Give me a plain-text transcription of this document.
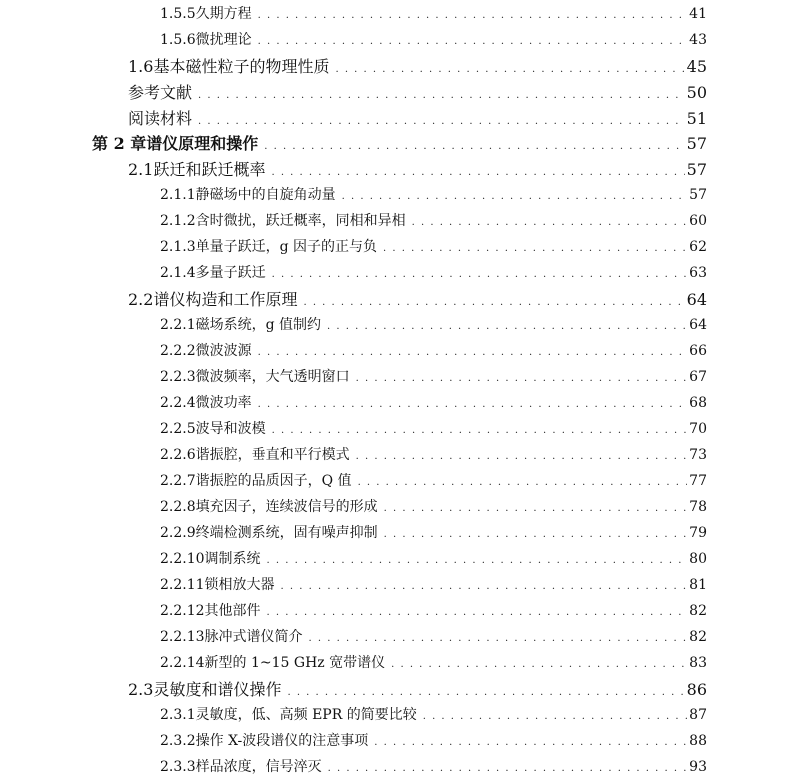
1.5.5 久期方程 . . .	41
1.5.6 微扰理论 . . .	43
1.6 基本磁性粒子的物理性质 . . .	45
参考文献 . . .	50
阅读材料 . . .	51
第 2 章 谱仪原理和操作 . . .	57
2.1 跃迁和跃迁概率 . . .	57
2.1.1 静磁场中的自旋角动量 . . .	57
2.1.2 含时微扰，跃迁概率，同相和异相 . . .	60
2.1.3 单量子跃迁，g 因子的正与负 . . .	62
2.1.4 多量子跃迁 . . .	63
2.2 谱仪构造和工作原理 . . .	64
2.2.1 磁场系统，g 值制约 . . .	64
2.2.2 微波波源 . . .	66
2.2.3 微波频率，大气透明窗口 . . .	67
2.2.4 微波功率 . . .	68
2.2.5 波导和波模 . . .	70
2.2.6 谐振腔，垂直和平行模式 . . .	73
2.2.7 谐振腔的品质因子，Q 值 . . .	77
2.2.8 填充因子，连续波信号的形成 . . .	78
2.2.9 终端检测系统，固有噪声抑制 . . .	79
2.2.10 调制系统 . . .	80
2.2.11 锁相放大器 . . .	81
2.2.12 其他部件 . . .	82
2.2.13 脉冲式谱仪简介 . . .	82
2.2.14 新型的 1~15 GHz 宽带谱仪 . . .	83
2.3 灵敏度和谱仪操作 . . .	86
2.3.1 灵敏度，低、高频 EPR 的简要比较 . . .	87
2.3.2 操作 X-波段谱仪的注意事项 . . .	88
2.3.3 样品浓度，信号淬灭 . . .	93
